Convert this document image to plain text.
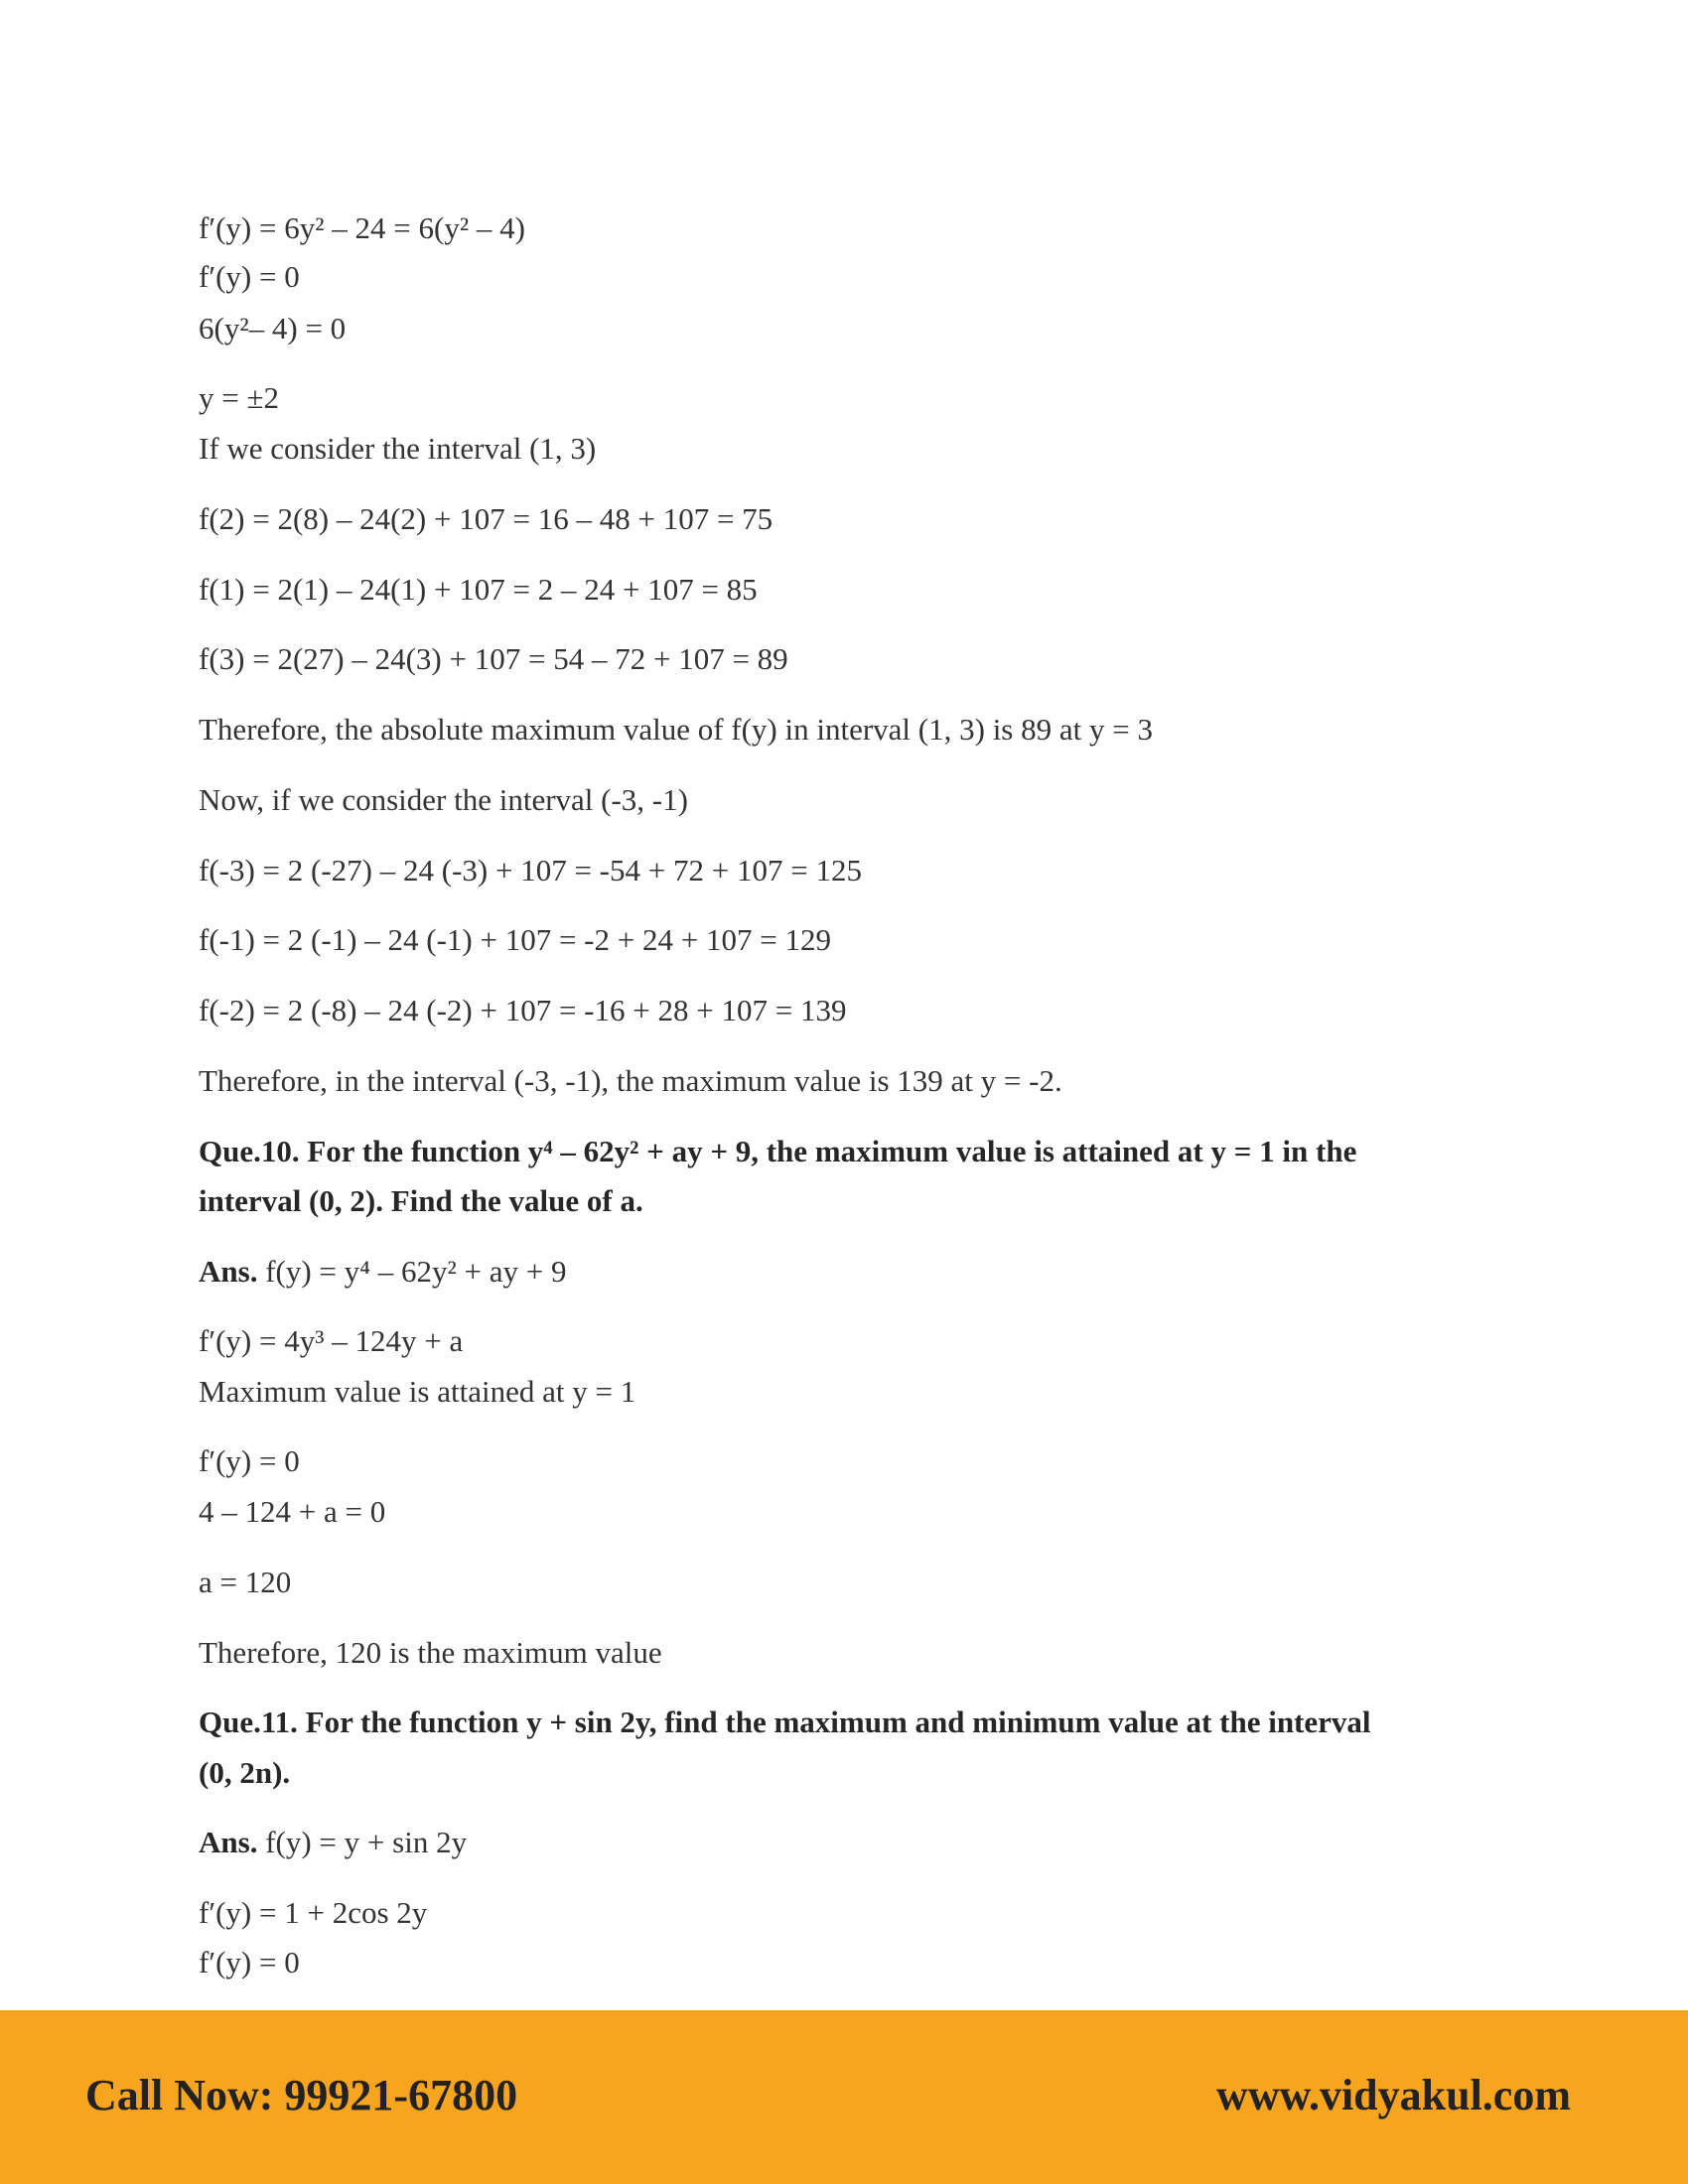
f′(y) = 6y² – 24 = 6(y² – 4)
f′(y) = 0
6(y²– 4) = 0
y = ±2
If we consider the interval (1, 3)
f(2) = 2(8) – 24(2) + 107 = 16 – 48 + 107 = 75
f(1) = 2(1) – 24(1) + 107 = 2 – 24 + 107 = 85
f(3) = 2(27) – 24(3) + 107 = 54 – 72 + 107 = 89
Therefore, the absolute maximum value of f(y) in interval (1, 3) is 89 at y = 3
Now, if we consider the interval (-3, -1)
f(-3) = 2 (-27) – 24 (-3) + 107 = -54 + 72 + 107 = 125
f(-1) = 2 (-1) – 24 (-1) + 107 = -2 + 24 + 107 = 129
f(-2) = 2 (-8) – 24 (-2) + 107 = -16 + 28 + 107 = 139
Therefore, in the interval (-3, -1), the maximum value is 139 at y = -2.
Que.10. For the function y⁴ – 62y² + ay + 9, the maximum value is attained at y = 1 in the
interval (0, 2). Find the value of a.
Ans. f(y) = y⁴ – 62y² + ay + 9
f′(y) = 4y³ – 124y + a
Maximum value is attained at y = 1
f′(y) = 0
4 – 124 + a = 0
a = 120
Therefore, 120 is the maximum value
Que.11. For the function y + sin 2y, find the maximum and minimum value at the interval
(0, 2n).
Ans. f(y) = y + sin 2y
f′(y) = 1 + 2cos 2y
f′(y) = 0
Call Now: 99921-67800	www.vidyakul.com
